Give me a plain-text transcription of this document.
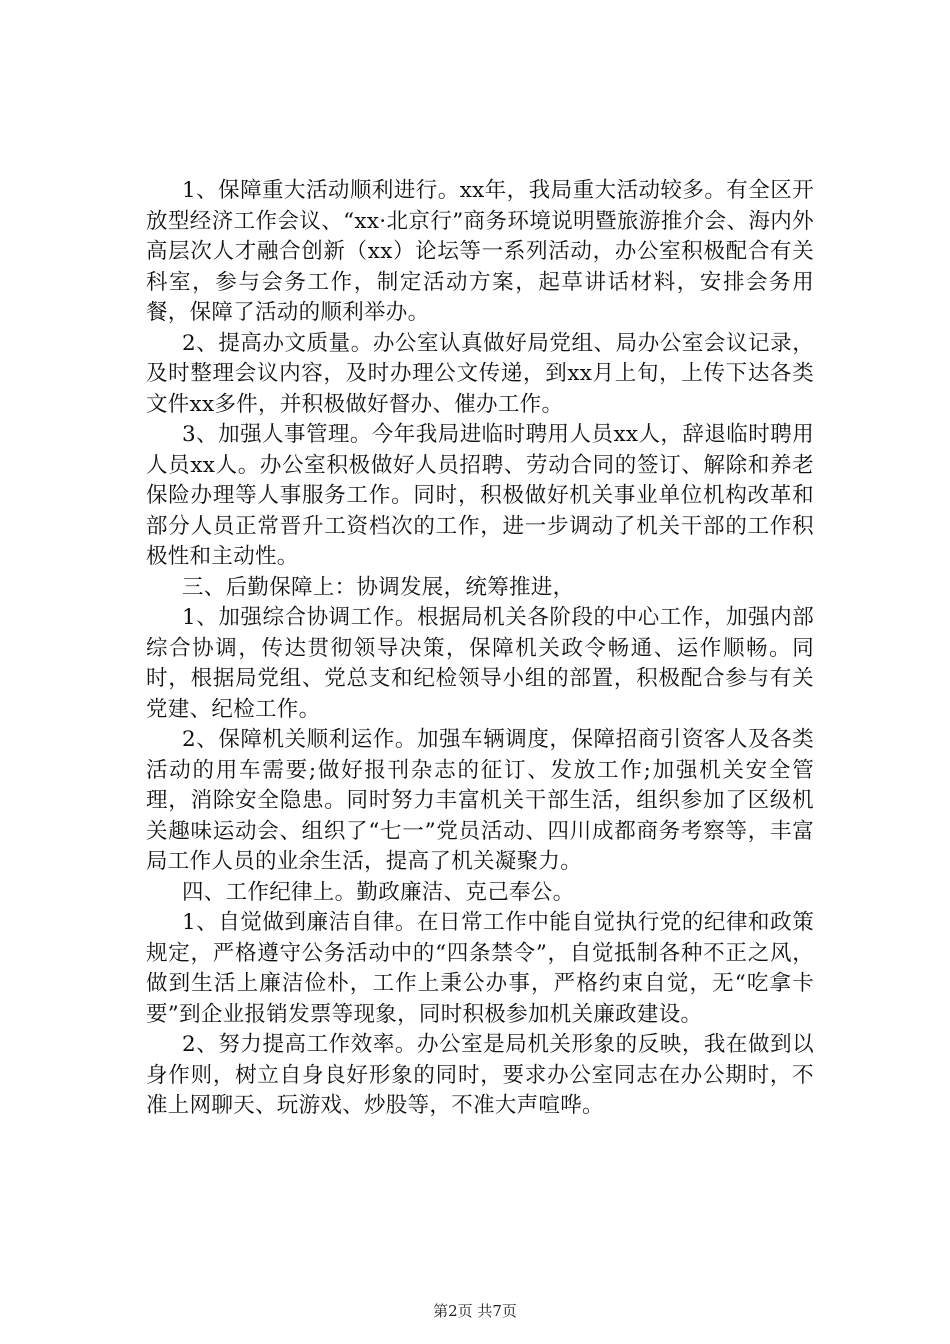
1、保障重大活动顺利进行。xx年，我局重大活动较多。有全区开放型经济工作会议、“xx·北京行”商务环境说明暨旅游推介会、海内外高层次人才融合创新（xx）论坛等一系列活动，办公室积极配合有关科室，参与会务工作，制定活动方案，起草讲话材料，安排会务用餐，保障了活动的顺利举办。

2、提高办文质量。办公室认真做好局党组、局办公室会议记录，及时整理会议内容，及时办理公文传递，到xx月上旬，上传下达各类文件xx多件，并积极做好督办、催办工作。

3、加强人事管理。今年我局进临时聘用人员xx人，辞退临时聘用人员xx人。办公室积极做好人员招聘、劳动合同的签订、解除和养老保险办理等人事服务工作。同时，积极做好机关事业单位机构改革和部分人员正常晋升工资档次的工作，进一步调动了机关干部的工作积极性和主动性。

三、后勤保障上：协调发展，统筹推进，

1、加强综合协调工作。根据局机关各阶段的中心工作，加强内部综合协调，传达贯彻领导决策，保障机关政令畅通、运作顺畅。同时，根据局党组、党总支和纪检领导小组的部置，积极配合参与有关党建、纪检工作。

2、保障机关顺利运作。加强车辆调度，保障招商引资客人及各类活动的用车需要;做好报刊杂志的征订、发放工作;加强机关安全管理，消除安全隐患。同时努力丰富机关干部生活，组织参加了区级机关趣味运动会、组织了“七一”党员活动、四川成都商务考察等，丰富局工作人员的业余生活，提高了机关凝聚力。

四、工作纪律上。勤政廉洁、克己奉公。

1、自觉做到廉洁自律。在日常工作中能自觉执行党的纪律和政策规定，严格遵守公务活动中的“四条禁令”，自觉抵制各种不正之风，做到生活上廉洁俭朴，工作上秉公办事，严格约束自觉，无“吃拿卡要”到企业报销发票等现象，同时积极参加机关廉政建设。

2、努力提高工作效率。办公室是局机关形象的反映，我在做到以身作则，树立自身良好形象的同时，要求办公室同志在办公期时，不准上网聊天、玩游戏、炒股等，不准大声喧哗。

第2页 共7页
